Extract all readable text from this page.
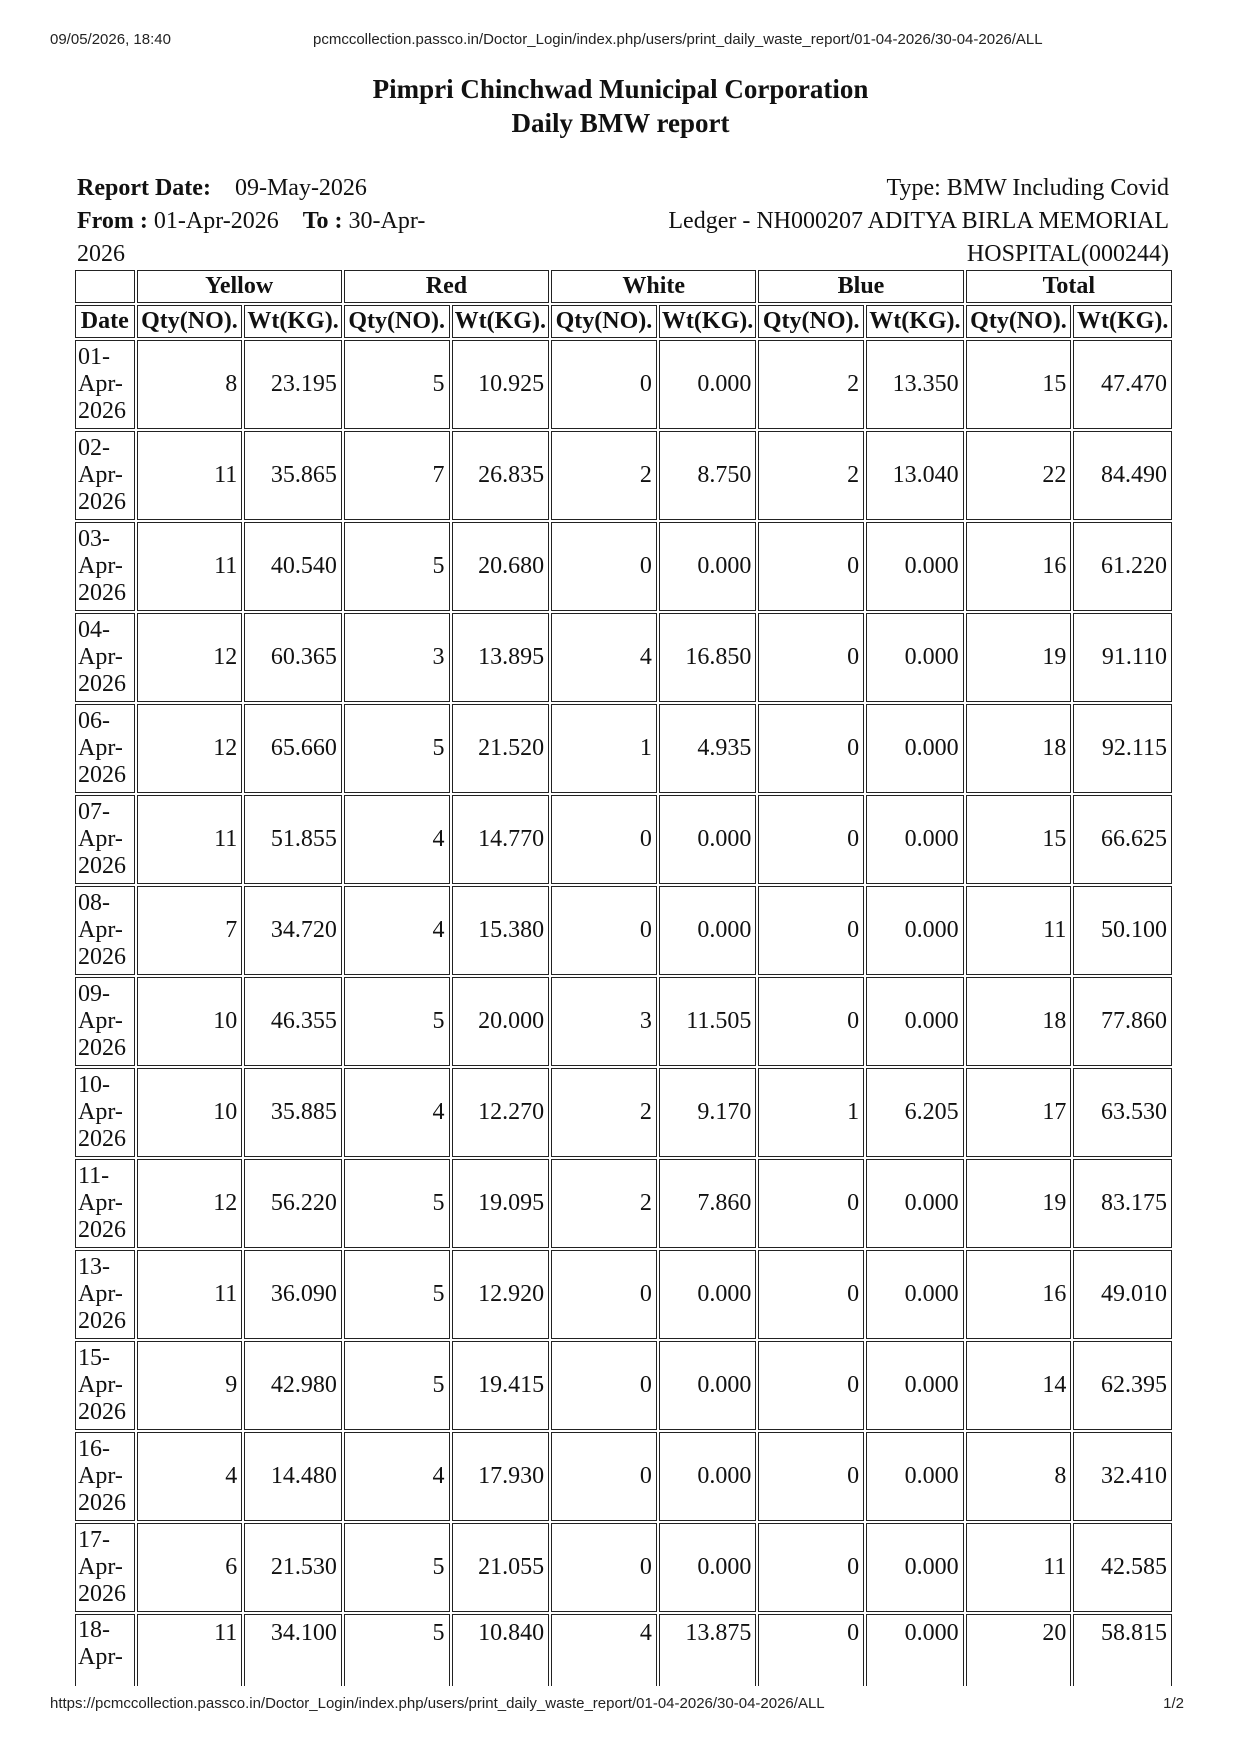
09/05/2026, 18:40	pcmccollection.passco.in/Doctor_Login/index.php/users/print_daily_waste_report/01-04-2026/30-04-2026/ALL
Pimpri Chinchwad Municipal Corporation
Daily BMW report
Report Date: 09-May-2026
From : 01-Apr-2026 To : 30-Apr-
2026
Type: BMW Including Covid
Ledger - NH000207 ADITYA BIRLA MEMORIAL
HOSPITAL(000244)
	Yellow		Red		White		Blue		Total	
Date	Qty(NO).	Wt(KG).	Qty(NO).	Wt(KG).	Qty(NO).	Wt(KG).	Qty(NO).	Wt(KG).	Qty(NO).	Wt(KG).

01-
Apr-
2026	8	23.195	5	10.925	0	0.000	2	13.350	15	47.470

02-
Apr-
2026	11	35.865	7	26.835	2	8.750	2	13.040	22	84.490

03-
Apr-
2026	11	40.540	5	20.680	0	0.000	0	0.000	16	61.220

04-
Apr-
2026	12	60.365	3	13.895	4	16.850	0	0.000	19	91.110

06-
Apr-
2026	12	65.660	5	21.520	1	4.935	0	0.000	18	92.115

07-
Apr-
2026	11	51.855	4	14.770	0	0.000	0	0.000	15	66.625

08-
Apr-
2026	7	34.720	4	15.380	0	0.000	0	0.000	11	50.100

09-
Apr-
2026	10	46.355	5	20.000	3	11.505	0	0.000	18	77.860

10-
Apr-
2026	10	35.885	4	12.270	2	9.170	1	6.205	17	63.530

11-
Apr-
2026	12	56.220	5	19.095	2	7.860	0	0.000	19	83.175

13-
Apr-
2026	11	36.090	5	12.920	0	0.000	0	0.000	16	49.010

15-
Apr-
2026	9	42.980	5	19.415	0	0.000	0	0.000	14	62.395

16-
Apr-
2026	4	14.480	4	17.930	0	0.000	0	0.000	8	32.410

17-
Apr-
2026	6	21.530	5	21.055	0	0.000	0	0.000	11	42.585

18-
Apr-	11	34.100	5	10.840	4	13.875	0	0.000	20	58.815
https://pcmccollection.passco.in/Doctor_Login/index.php/users/print_daily_waste_report/01-04-2026/30-04-2026/ALL	1/2
